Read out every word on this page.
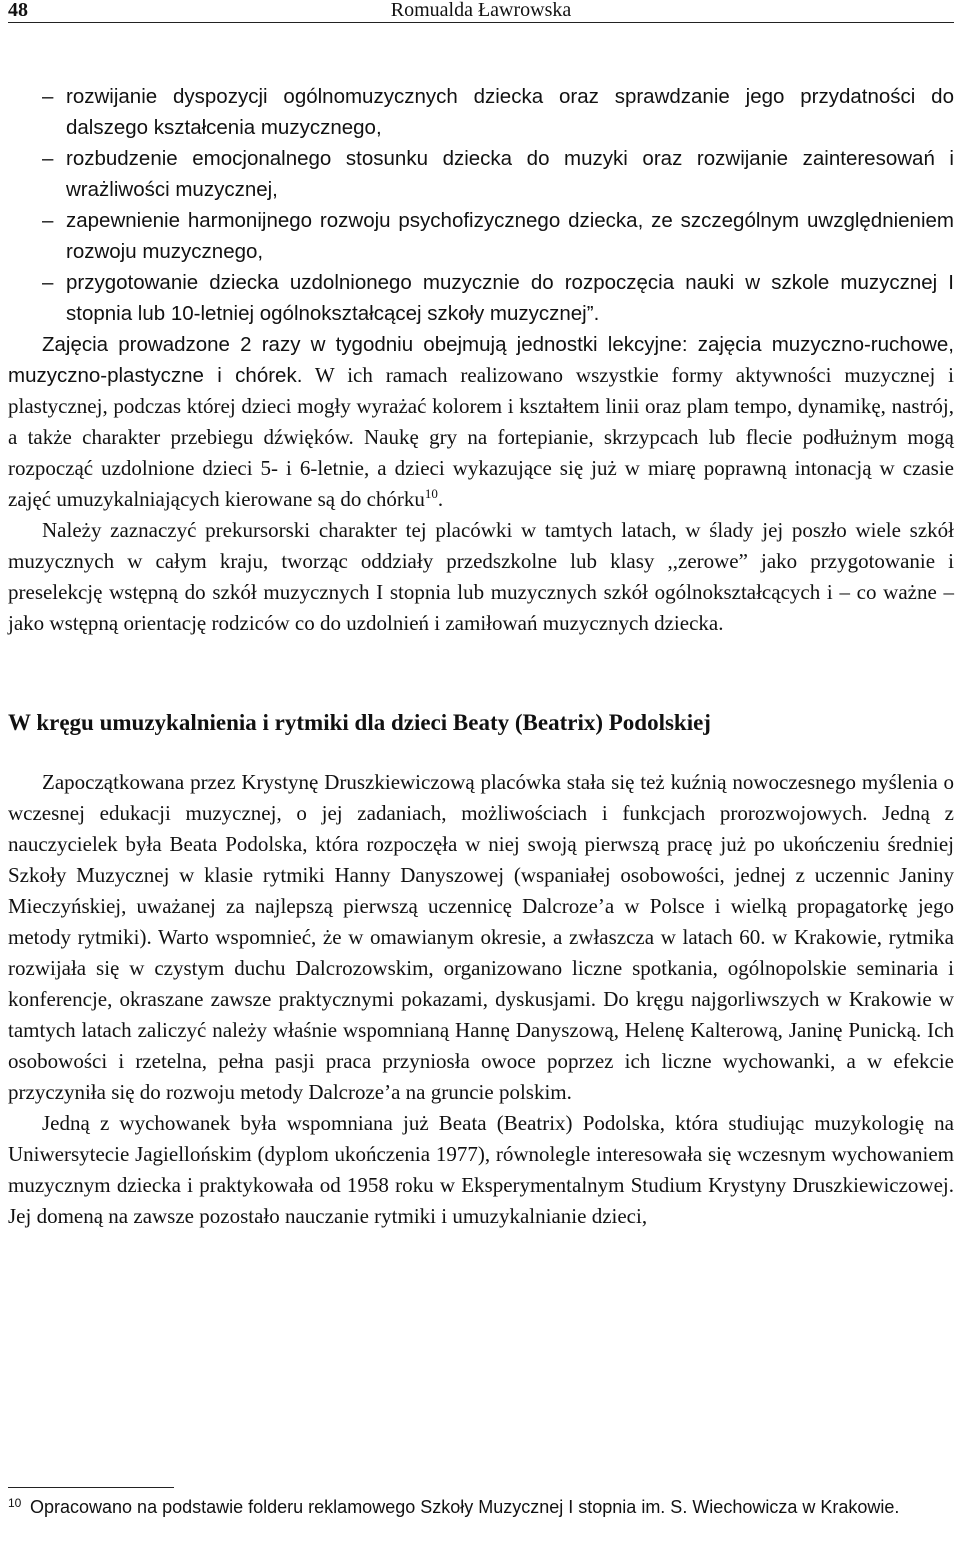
48	Romualda Ławrowska
– rozwijanie dyspozycji ogólnomuzycznych dziecka oraz sprawdzanie jego przydatności do dalszego kształcenia muzycznego,
– rozbudzenie emocjonalnego stosunku dziecka do muzyki oraz rozwijanie zainteresowań i wrażliwości muzycznej,
– zapewnienie harmonijnego rozwoju psychofizycznego dziecka, ze szczególnym uwzględnieniem rozwoju muzycznego,
– przygotowanie dziecka uzdolnionego muzycznie do rozpoczęcia nauki w szkole muzycznej I stopnia lub 10-letniej ogólnokształcącej szkoły muzycznej”.

Zajęcia prowadzone 2 razy w tygodniu obejmują jednostki lekcyjne: zajęcia muzyczno-ruchowe, muzyczno-plastyczne i chórek. W ich ramach realizowano wszystkie formy aktywności muzycznej i plastycznej, podczas której dzieci mogły wyrażać kolorem i kształtem linii oraz plam tempo, dynamikę, nastrój, a także charakter przebiegu dźwięków. Naukę gry na fortepianie, skrzypcach lub flecie podłużnym mogą rozpocząć uzdolnione dzieci 5- i 6-letnie, a dzieci wykazujące się już w miarę poprawną intonacją w czasie zajęć umuzykalniających kierowane są do chórku$^{10}$.

Należy zaznaczyć prekursorski charakter tej placówki w tamtych latach, w ślady jej poszło wiele szkół muzycznych w całym kraju, tworząc oddziały przedszkolne lub klasy ,,zerowe” jako przygotowanie i preselekcję wstępną do szkół muzycznych I stopnia lub muzycznych szkół ogólnokształcących i – co ważne – jako wstępną orientację rodziców co do uzdolnień i zamiłowań muzycznych dziecka.

W kręgu umuzykalnienia i rytmiki dla dzieci Beaty (Beatrix) Podolskiej

Zapoczątkowana przez Krystynę Druszkiewiczową placówka stała się też kuźnią nowoczesnego myślenia o wczesnej edukacji muzycznej, o jej zadaniach, możliwościach i funkcjach prorozwojowych. Jedną z nauczycielek była Beata Podolska, która rozpoczęła w niej swoją pierwszą pracę już po ukończeniu średniej Szkoły Muzycznej w klasie rytmiki Hanny Danyszowej (wspaniałej osobowości, jednej z uczennic Janiny Mieczyńskiej, uważanej za najlepszą pierwszą uczennicę Dalcroze’a w Polsce i wielką propagatorkę jego metody rytmiki). Warto wspomnieć, że w omawianym okresie, a zwłaszcza w latach 60. w Krakowie, rytmika rozwijała się w czystym duchu Dalcrozowskim, organizowano liczne spotkania, ogólnopolskie seminaria i konferencje, okraszane zawsze praktycznymi pokazami, dyskusjami. Do kręgu najgorliwszych w Krakowie w tamtych latach zaliczyć należy właśnie wspomnianą Hannę Danyszową, Helenę Kalterową, Janinę Punicką. Ich osobowości i rzetelna, pełna pasji praca przyniosła owoce poprzez ich liczne wychowanki, a w efekcie przyczyniła się do rozwoju metody Dalcroze’a na gruncie polskim.

Jedną z wychowanek była wspomniana już Beata (Beatrix) Podolska, która studiując muzykologię na Uniwersytecie Jagiellońskim (dyplom ukończenia 1977), równolegle interesowała się wczesnym wychowaniem muzycznym dziecka i praktykowała od 1958 roku w Eksperymentalnym Studium Krystyny Druszkiewiczowej. Jej domeną na zawsze pozostało nauczanie rytmiki i umuzykalnianie dzieci,

10 Opracowano na podstawie folderu reklamowego Szkoły Muzycznej I stopnia im. S. Wiechowicza w Krakowie.
